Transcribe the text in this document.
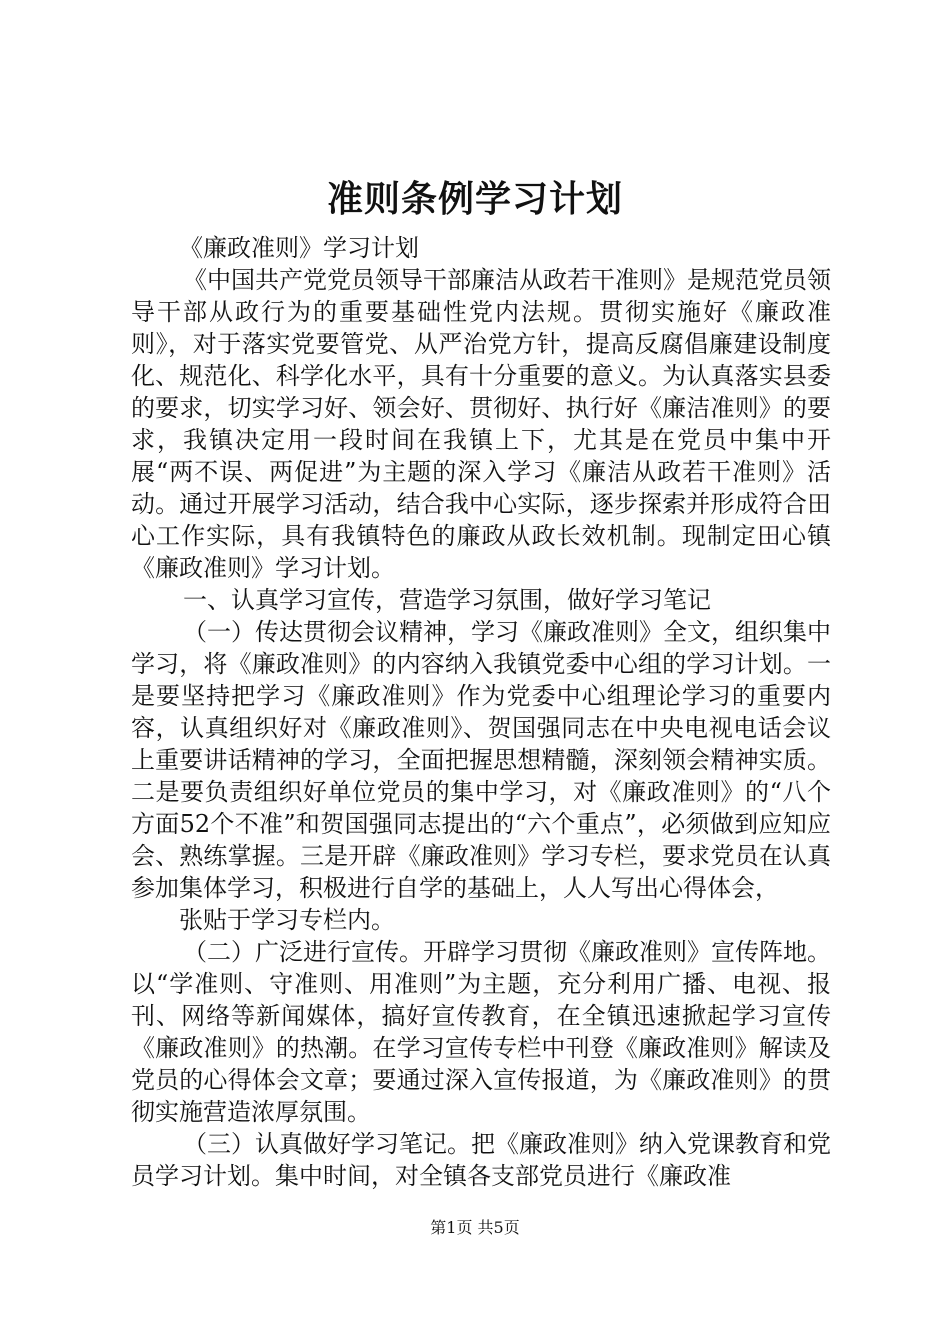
准则条例学习计划

《廉政准则》学习计划

《中国共产党党员领导干部廉洁从政若干准则》是规范党员领导干部从政行为的重要基础性党内法规。贯彻实施好《廉政准则》，对于落实党要管党、从严治党方针，提高反腐倡廉建设制度化、规范化、科学化水平，具有十分重要的意义。为认真落实县委的要求，切实学习好、领会好、贯彻好、执行好《廉洁准则》的要求，我镇决定用一段时间在我镇上下，尤其是在党员中集中开展“两不误、两促进”为主题的深入学习《廉洁从政若干准则》活动。通过开展学习活动，结合我中心实际，逐步探索并形成符合田心工作实际，具有我镇特色的廉政从政长效机制。现制定田心镇《廉政准则》学习计划。

一、认真学习宣传，营造学习氛围，做好学习笔记

（一）传达贯彻会议精神，学习《廉政准则》全文，组织集中学习，将《廉政准则》的内容纳入我镇党委中心组的学习计划。一是要坚持把学习《廉政准则》作为党委中心组理论学习的重要内容，认真组织好对《廉政准则》、贺国强同志在中央电视电话会议上重要讲话精神的学习，全面把握思想精髓，深刻领会精神实质。二是要负责组织好单位党员的集中学习，对《廉政准则》的“八个方面52个不准”和贺国强同志提出的“六个重点”，必须做到应知应会、熟练掌握。三是开辟《廉政准则》学习专栏，要求党员在认真参加集体学习，积极进行自学的基础上，人人写出心得体会，

张贴于学习专栏内。

（二）广泛进行宣传。开辟学习贯彻《廉政准则》宣传阵地。以“学准则、守准则、用准则”为主题，充分利用广播、电视、报刊、网络等新闻媒体，搞好宣传教育，在全镇迅速掀起学习宣传《廉政准则》的热潮。在学习宣传专栏中刊登《廉政准则》解读及党员的心得体会文章；要通过深入宣传报道，为《廉政准则》的贯彻实施营造浓厚氛围。

（三）认真做好学习笔记。把《廉政准则》纳入党课教育和党员学习计划。集中时间，对全镇各支部党员进行《廉政准

第1页 共5页
